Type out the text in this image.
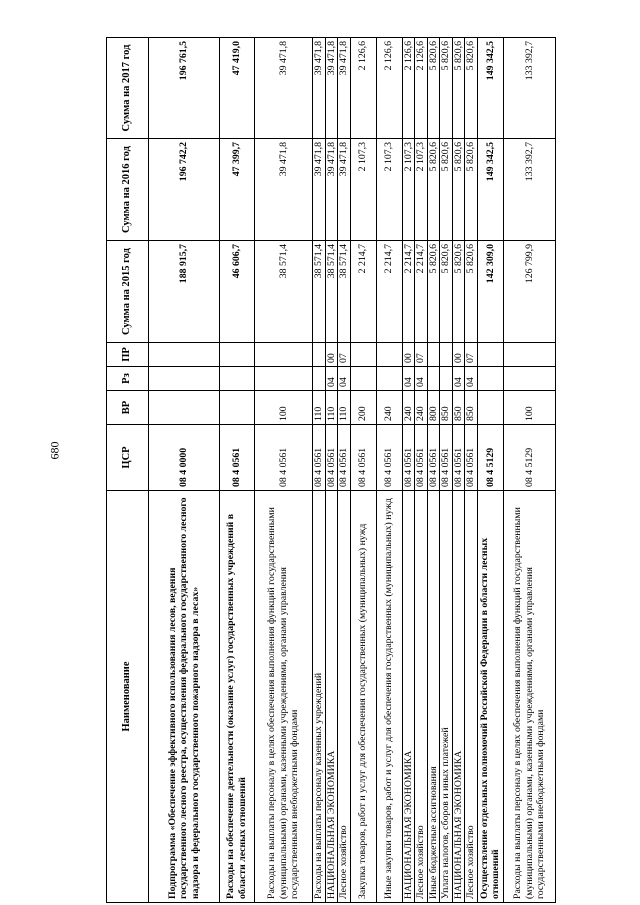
680
Наименование	ЦСР	ВР	Рз	ПР	Сумма на 2015 год	Сумма на 2016 год	Сумма на 2017 год
Подпрограмма «Обеспечение эффективного использования лесов, ведения государственного лесного реестра, осуществления федерального государственного лесного надзора и федерального государственного пожарного надзора в лесах»	08 4 0000				188 915,7	196 742,2	196 761,5
Расходы на обеспечение деятельности (оказание услуг) государственных учреждений в области лесных отношений	08 4 0561				46 606,7	47 399,7	47 419,0
Расходы на выплаты персоналу в целях обеспечения выполнения функций государственными (муниципальными) органами, казенными учреждениями, органами управления государственными внебюджетными фондами	08 4 0561	100			38 571,4	39 471,8	39 471,8
Расходы на выплаты персоналу казенных учреждений	08 4 0561	110			38 571,4	39 471,8	39 471,8
НАЦИОНАЛЬНАЯ ЭКОНОМИКА	08 4 0561	110	04	00	38 571,4	39 471,8	39 471,8
Лесное хозяйство	08 4 0561	110	04	07	38 571,4	39 471,8	39 471,8
Закупка товаров, работ и услуг для обеспечения государственных (муниципальных) нужд	08 4 0561	200			2 214,7	2 107,3	2 126,6
Иные закупки товаров, работ и услуг для обеспечения государственных (муниципальных) нужд	08 4 0561	240			2 214,7	2 107,3	2 126,6
НАЦИОНАЛЬНАЯ ЭКОНОМИКА	08 4 0561	240	04	00	2 214,7	2 107,3	2 126,6
Лесное хозяйство	08 4 0561	240	04	07	2 214,7	2 107,3	2 126,6
Иные бюджетные ассигнования	08 4 0561	800			5 820,6	5 820,6	5 820,6
Уплата налогов, сборов и иных платежей	08 4 0561	850			5 820,6	5 820,6	5 820,6
НАЦИОНАЛЬНАЯ ЭКОНОМИКА	08 4 0561	850	04	00	5 820,6	5 820,6	5 820,6
Лесное хозяйство	08 4 0561	850	04	07	5 820,6	5 820,6	5 820,6
Осуществление отдельных полномочий Российской Федерации в области лесных отношений	08 4 5129				142 309,0	149 342,5	149 342,5
Расходы на выплаты персоналу в целях обеспечения выполнения функций государственными (муниципальными) органами, казенными учреждениями, органами управления государственными внебюджетными фондами	08 4 5129	100			126 799,9	133 392,7	133 392,7
